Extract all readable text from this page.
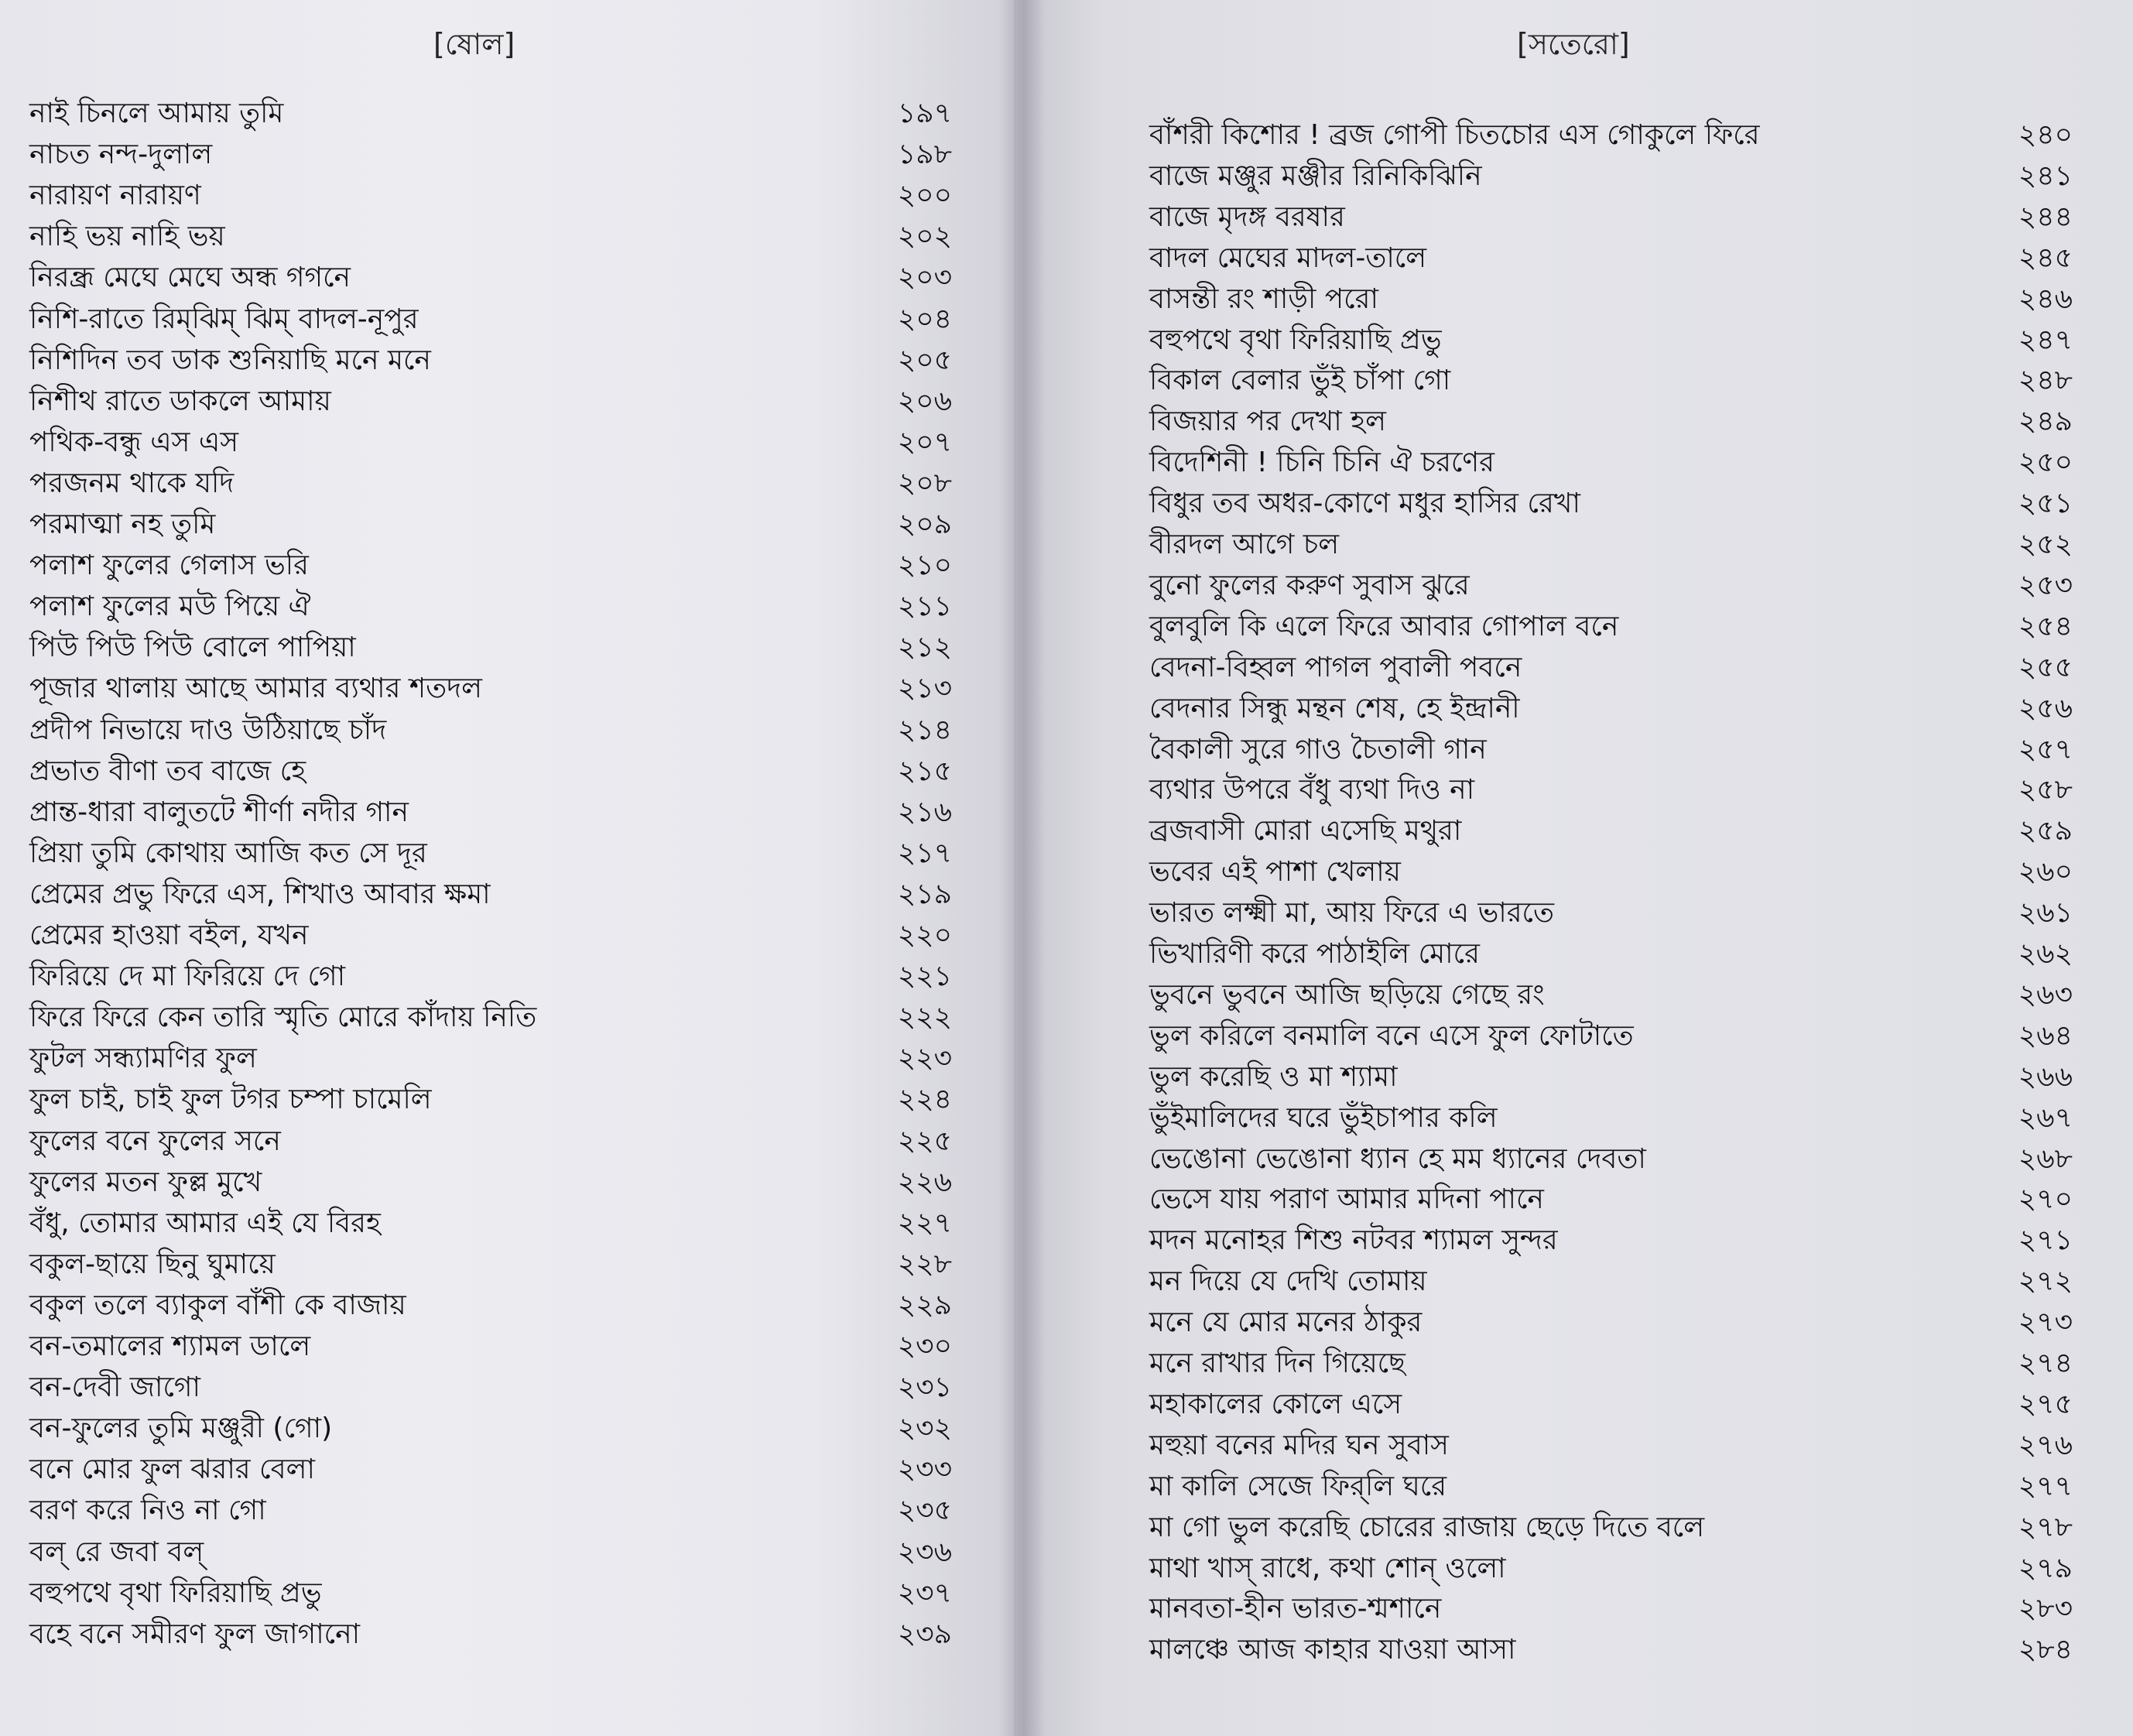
[ষোল]
নাই চিনলে আমায় তুমি	১৯৭
নাচত নন্দ-দুলাল	১৯৮
নারায়ণ নারায়ণ	২০০
নাহি ভয় নাহি ভয়	২০২
নিরন্ধ্র মেঘে মেঘে অন্ধ গগনে	২০৩
নিশি-রাতে রিম্‌ঝিম্‌ ঝিম্‌ বাদল-নূপুর	২০৪
নিশিদিন তব ডাক শুনিয়াছি মনে মনে	২০৫
নিশীথ রাতে ডাকলে আমায়	২০৬
পথিক-বন্ধু এস এস	২০৭
পরজনম থাকে যদি	২০৮
পরমাত্মা নহ তুমি	২০৯
পলাশ ফুলের গেলাস ভরি	২১০
পলাশ ফুলের মউ পিয়ে ঐ	২১১
পিউ পিউ পিউ বোলে পাপিয়া	২১২
পূজার থালায় আছে আমার ব্যথার শতদল	২১৩
প্রদীপ নিভায়ে দাও উঠিয়াছে চাঁদ	২১৪
প্রভাত বীণা তব বাজে হে	২১৫
প্রান্ত-ধারা বালুতটে শীর্ণা নদীর গান	২১৬
প্রিয়া তুমি কোথায় আজি কত সে দূর	২১৭
প্রেমের প্রভু ফিরে এস, শিখাও আবার ক্ষমা	২১৯
প্রেমের হাওয়া বইল, যখন	২২০
ফিরিয়ে দে মা ফিরিয়ে দে গো	২২১
ফিরে ফিরে কেন তারি স্মৃতি মোরে কাঁদায় নিতি	২২২
ফুটল সন্ধ্যামণির ফুল	২২৩
ফুল চাই, চাই ফুল টগর চম্পা চামেলি	২২৪
ফুলের বনে ফুলের সনে	২২৫
ফুলের মতন ফুল্ল মুখে	২২৬
বঁধু, তোমার আমার এই যে বিরহ	২২৭
বকুল-ছায়ে ছিনু ঘুমায়ে	২২৮
বকুল তলে ব্যাকুল বাঁশী কে বাজায়	২২৯
বন-তমালের শ্যামল ডালে	২৩০
বন-দেবী জাগো	২৩১
বন-ফুলের তুমি মঞ্জুরী (গো)	২৩২
বনে মোর ফুল ঝরার বেলা	২৩৩
বরণ করে নিও না গো	২৩৫
বল্‌ রে জবা বল্‌	২৩৬
বহুপথে বৃথা ফিরিয়াছি প্রভু	২৩৭
বহে বনে সমীরণ ফুল জাগানো	২৩৯
[সতেরো]
বাঁশরী কিশোর ! ব্রজ গোপী চিতচোর এস গোকুলে ফিরে	২৪০
বাজে মঞ্জুর মঞ্জীর রিনিকিঝিনি	২৪১
বাজে মৃদঙ্গ বরষার	২৪৪
বাদল মেঘের মাদল-তালে	২৪৫
বাসন্তী রং শাড়ী পরো	২৪৬
বহুপথে বৃথা ফিরিয়াছি প্রভু	২৪৭
বিকাল বেলার ভুঁই চাঁপা গো	২৪৮
বিজয়ার পর দেখা হল	২৪৯
বিদেশিনী ! চিনি চিনি ঐ চরণের	২৫০
বিধুর তব অধর-কোণে মধুর হাসির রেখা	২৫১
বীরদল আগে চল	২৫২
বুনো ফুলের করুণ সুবাস ঝুরে	২৫৩
বুলবুলি কি এলে ফিরে আবার গোপাল বনে	২৫৪
বেদনা-বিহ্বল পাগল পুবালী পবনে	২৫৫
বেদনার সিন্ধু মন্থন শেষ, হে ইন্দ্রানী	২৫৬
বৈকালী সুরে গাও চৈতালী গান	২৫৭
ব্যথার উপরে বঁধু ব্যথা দিও না	২৫৮
ব্রজবাসী মোরা এসেছি মথুরা	২৫৯
ভবের এই পাশা খেলায়	২৬০
ভারত লক্ষ্মী মা, আয় ফিরে এ ভারতে	২৬১
ভিখারিণী করে পাঠাইলি মোরে	২৬২
ভুবনে ভুবনে আজি ছড়িয়ে গেছে রং	২৬৩
ভুল করিলে বনমালি বনে এসে ফুল ফোটাতে	২৬৪
ভুল করেছি ও মা শ্যামা	২৬৬
ভুঁইমালিদের ঘরে ভুঁইচাপার কলি	২৬৭
ভেঙোনা ভেঙোনা ধ্যান হে মম ধ্যানের দেবতা	২৬৮
ভেসে যায় পরাণ আমার মদিনা পানে	২৭০
মদন মনোহর শিশু নটবর শ্যামল সুন্দর	২৭১
মন দিয়ে যে দেখি তোমায়	২৭২
মনে যে মোর মনের ঠাকুর	২৭৩
মনে রাখার দিন গিয়েছে	২৭৪
মহাকালের কোলে এসে	২৭৫
মহুয়া বনের মদির ঘন সুবাস	২৭৬
মা কালি সেজে ফির্‌লি ঘরে	২৭৭
মা গো ভুল করেছি চোরের রাজায় ছেড়ে দিতে বলে	২৭৮
মাথা খাস্‌ রাধে, কথা শোন্‌ ওলো	২৭৯
মানবতা-হীন ভারত-শ্মশানে	২৮৩
মালঞ্চে আজ কাহার যাওয়া আসা	২৮৪
